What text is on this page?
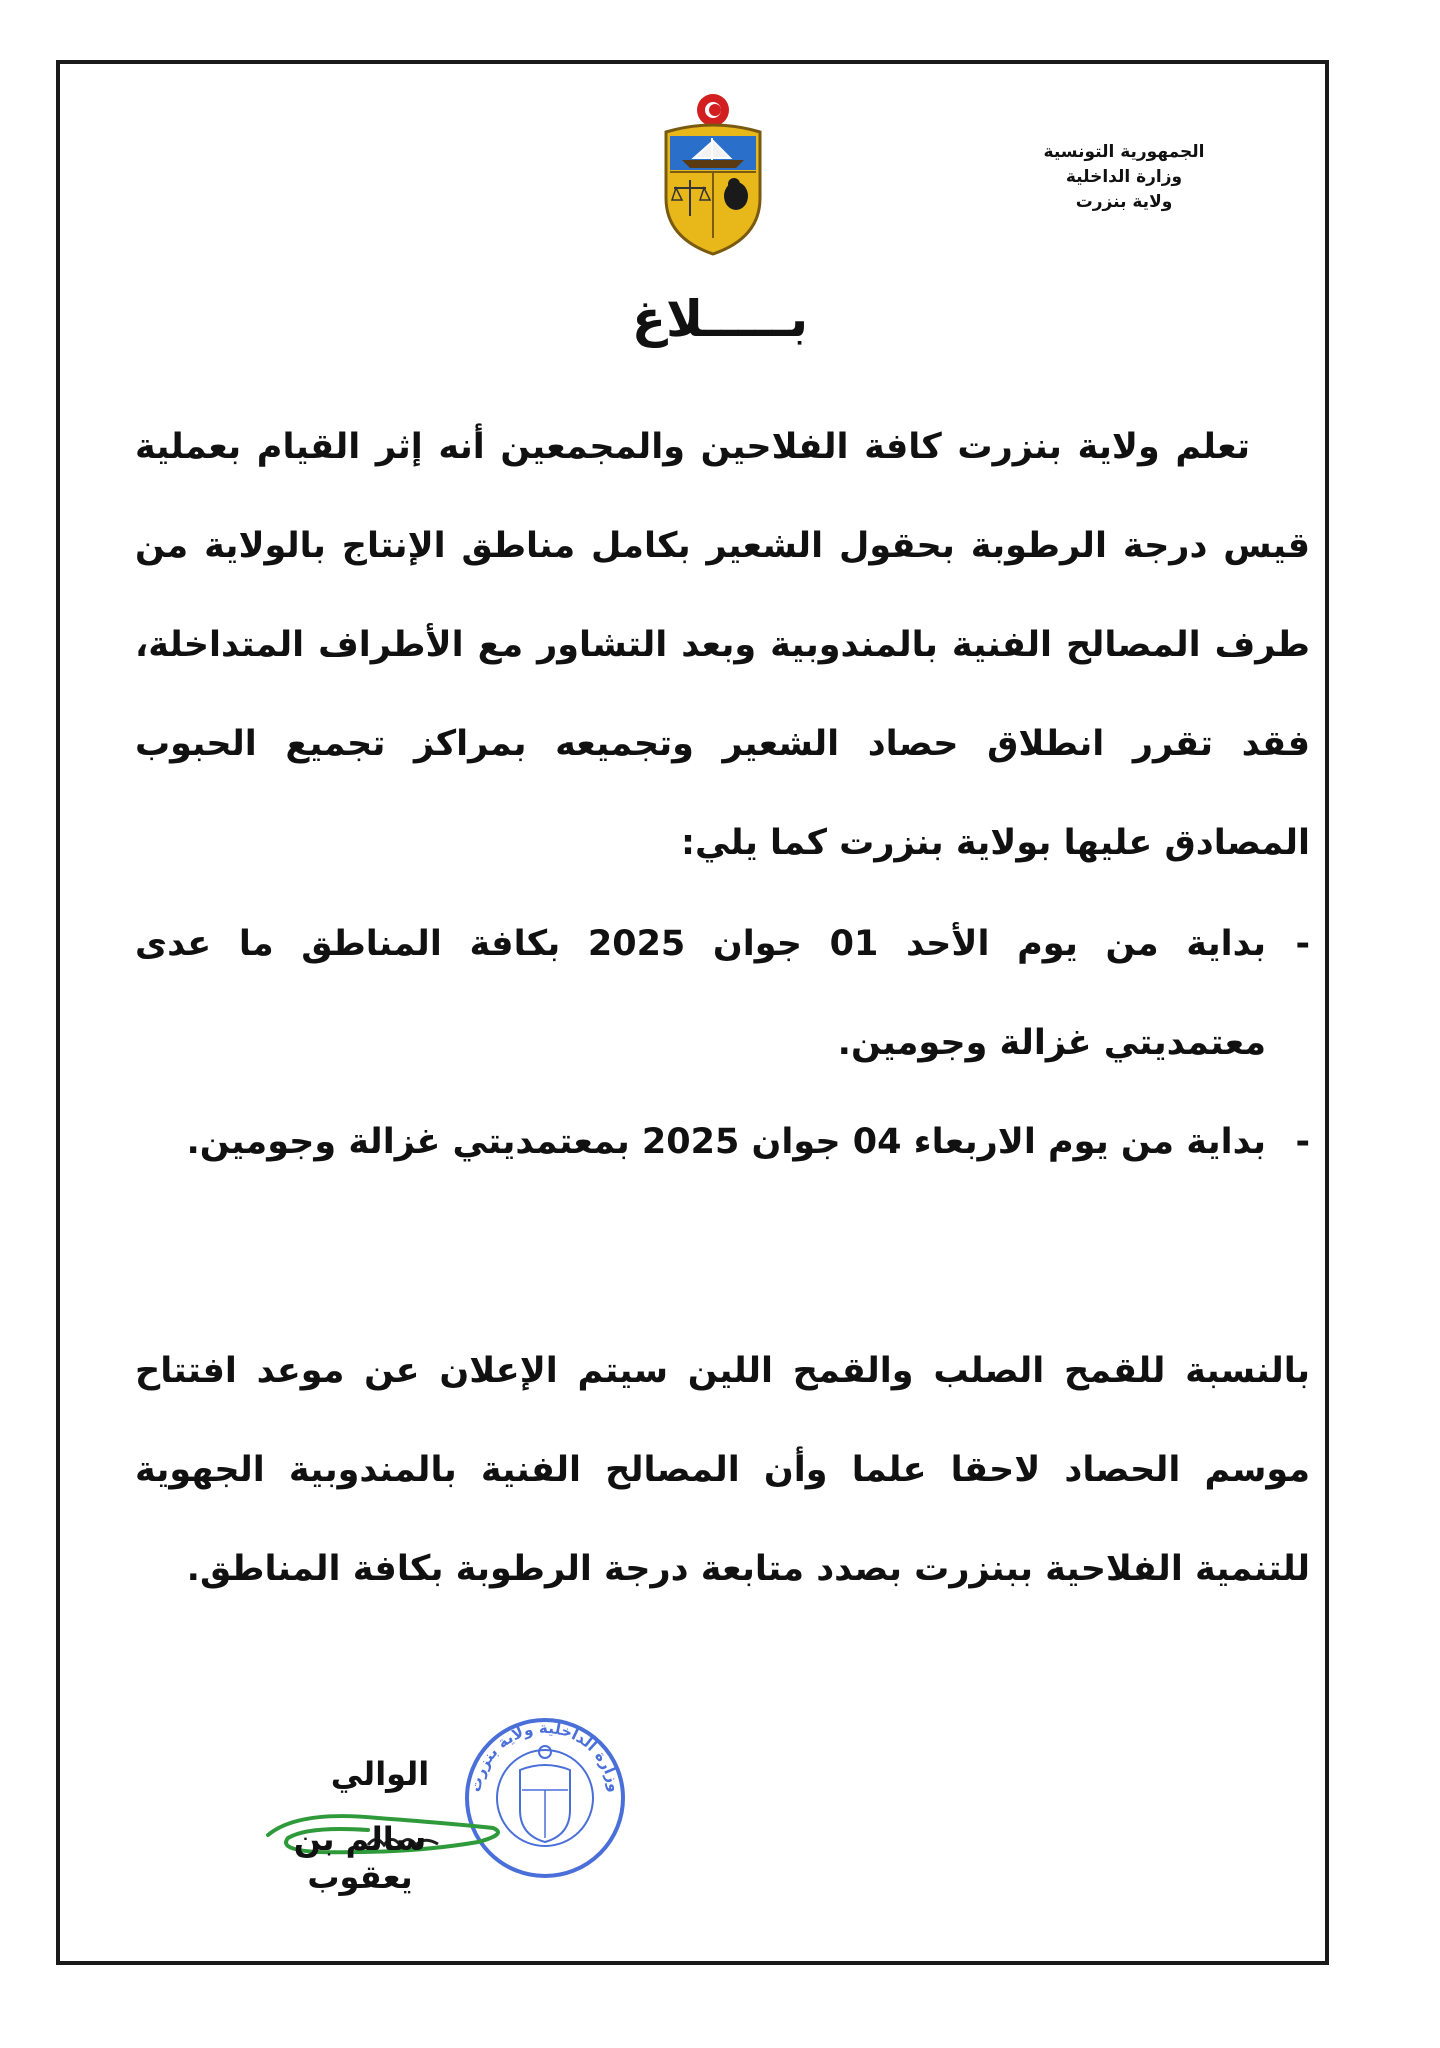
الجمهورية التونسية
وزارة الداخلية
ولاية بنزرت
بـــــلاغ
تعلم ولاية بنزرت كافة الفلاحين والمجمعين أنه إثر القيام بعملية قيس درجة الرطوبة بحقول الشعير بكامل مناطق الإنتاج بالولاية من طرف المصالح الفنية بالمندوبية وبعد التشاور مع الأطراف المتداخلة، فقد تقرر انطلاق حصاد الشعير وتجميعه بمراكز تجميع الحبوب المصادق عليها بولاية بنزرت كما يلي:
-
بداية من يوم الأحد 01 جوان 2025 بكافة المناطق ما عدى معتمديتي غزالة وجومين.
-
بداية من يوم الاربعاء 04 جوان 2025 بمعتمديتي غزالة وجومين.
بالنسبة للقمح الصلب والقمح اللين سيتم الإعلان عن موعد افتتاح موسم الحصاد لاحقا علما وأن المصالح الفنية بالمندوبية الجهوية للتنمية الفلاحية ببنزرت بصدد متابعة درجة الرطوبة بكافة المناطق.
وزارة الداخلية ولاية بنزرت
الوالي
سالم بن يعقوب
